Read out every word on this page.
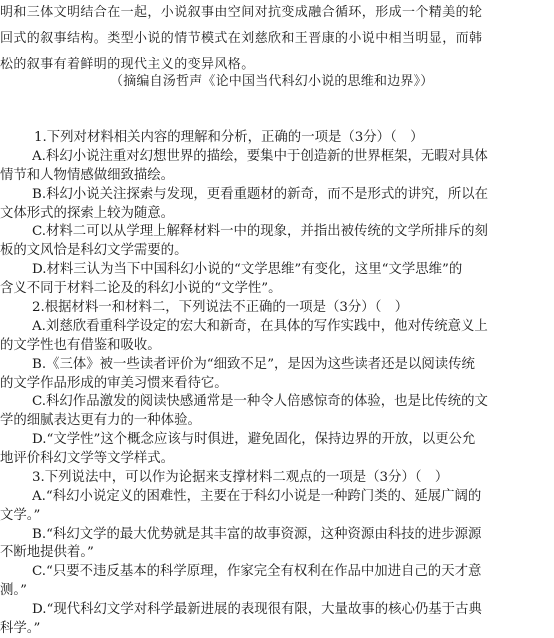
明和三体文明结合在一起，小说叙事由空间对抗变成融合循环，形成一个精美的轮
回式的叙事结构。类型小说的情节模式在刘慈欣和王晋康的小说中相当明显，而韩
松的叙事有着鲜明的现代主义的变异风格。
（摘编自汤哲声《论中国当代科幻小说的思维和边界》）
1.下列对材料相关内容的理解和分析，正确的一项是（3分）（　）
A.科幻小说注重对幻想世界的描绘，要集中于创造新的世界框架，无暇对具体
情节和人物情感做细致描绘。
B.科幻小说关注探索与发现，更看重题材的新奇，而不是形式的讲究，所以在
文体形式的探索上较为随意。
C.材料二可以从学理上解释材料一中的现象，并指出被传统的文学所排斥的刻
板的文风恰是科幻文学需要的。
D.材料三认为当下中国科幻小说的“文学思维”有变化，这里“文学思维”的
含义不同于材料二论及的科幻小说的“文学性”。
2.根据材料一和材料二，下列说法不正确的一项是（3分）（　）
A.刘慈欣看重科学设定的宏大和新奇，在具体的写作实践中，他对传统意义上
的文学性也有借鉴和吸收。
B.《三体》被一些读者评价为“细致不足”，是因为这些读者还是以阅读传统
的文学作品形成的审美习惯来看待它。
C.科幻作品激发的阅读快感通常是一种令人倍感惊奇的体验，也是比传统的文
学的细腻表达更有力的一种体验。
D.“文学性”这个概念应该与时俱进，避免固化，保持边界的开放，以更公允
地评价科幻文学等文学样式。
3.下列说法中，可以作为论据来支撑材料二观点的一项是（3分）（　）
A.“科幻小说定义的困难性，主要在于科幻小说是一种跨门类的、延展广阔的
文学。”
B.“科幻文学的最大优势就是其丰富的故事资源，这种资源由科技的进步源源
不断地提供着。”
C.“只要不违反基本的科学原理，作家完全有权利在作品中加进自己的天才意
测。”
D.“现代科幻文学对科学最新进展的表现很有限，大量故事的核心仍基于古典
科学。”
